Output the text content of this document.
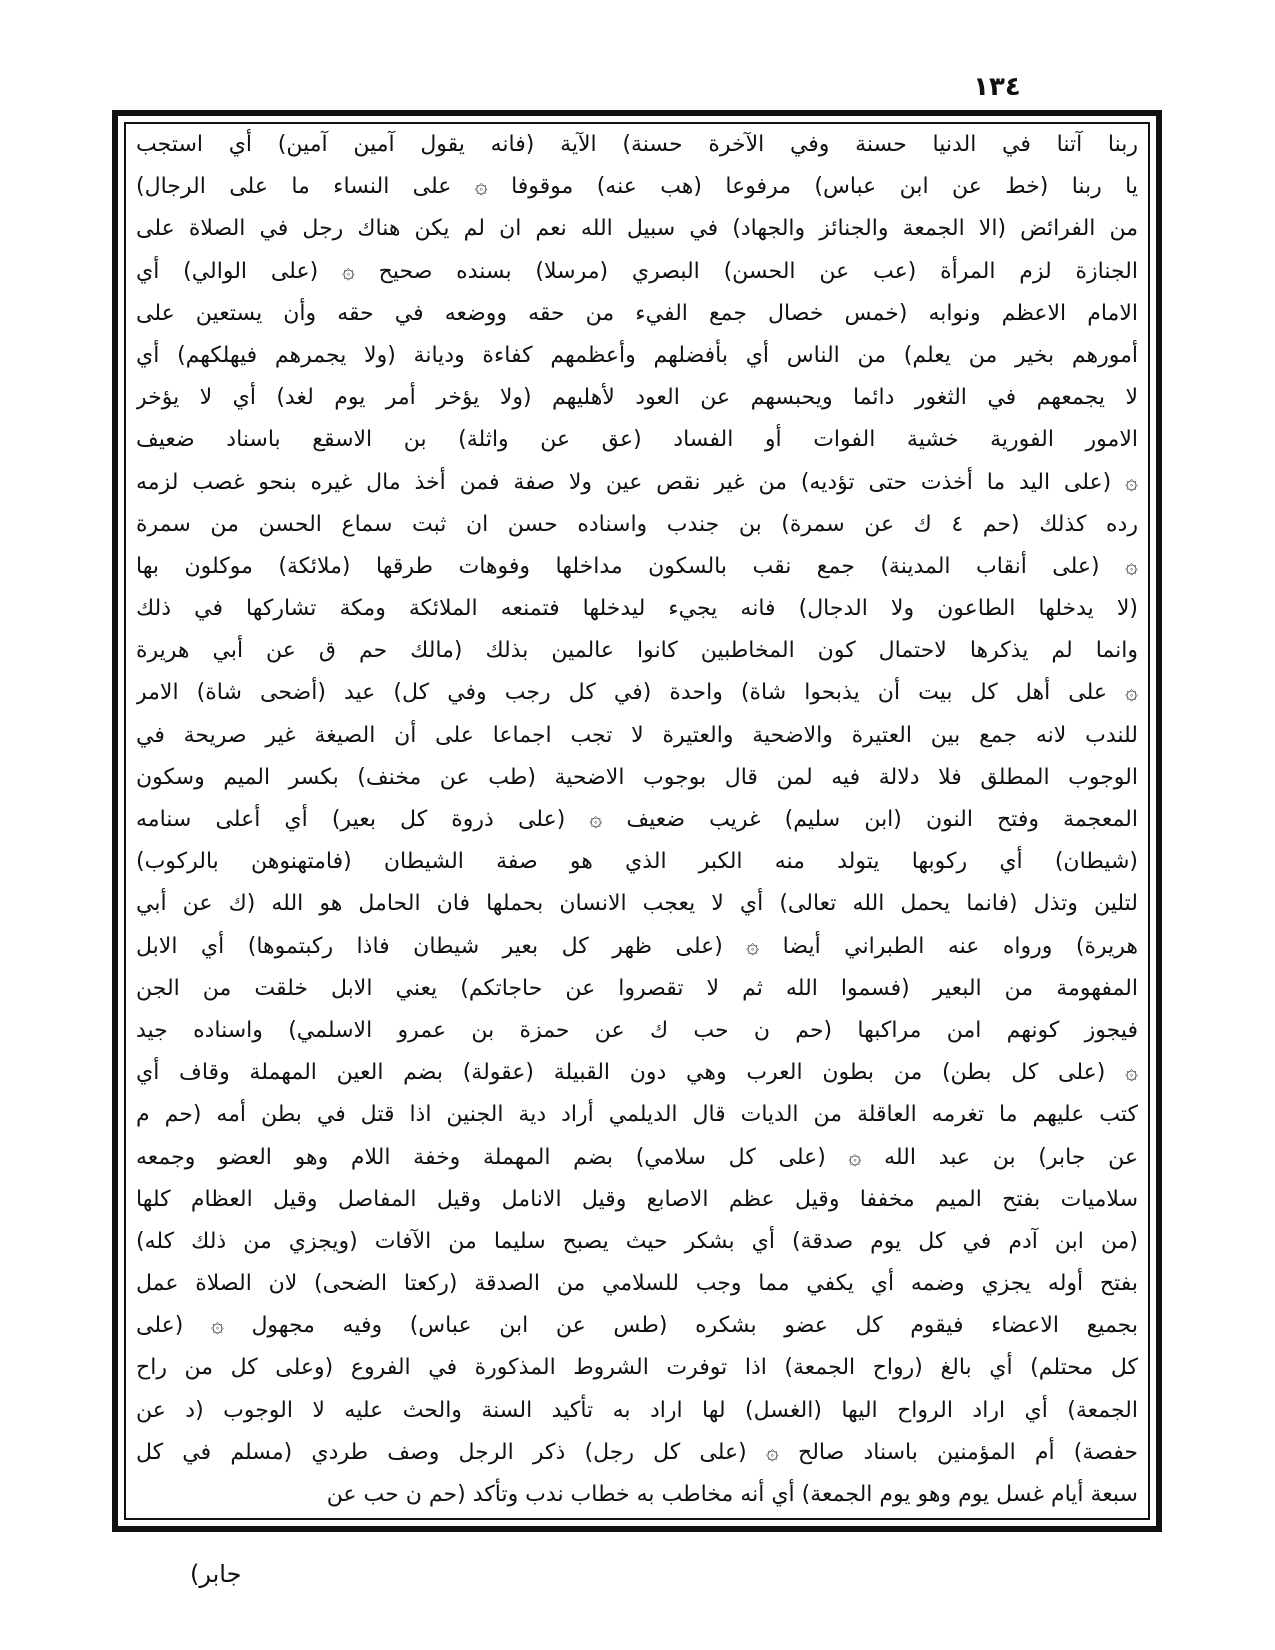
١٣٤
ربنا آتنا في الدنيا حسنة وفي الآخرة حسنة) الآية (فانه يقول آمين آمين) أي استجب
يا ربنا (خط عن ابن عباس) مرفوعا (هب عنه) موقوفا ۞ على النساء ما على الرجال)
من الفرائض (الا الجمعة والجنائز والجهاد) في سبيل الله نعم ان لم يكن هناك رجل في الصلاة على
الجنازة لزم المرأة (عب عن الحسن) البصري (مرسلا) بسنده صحيح ۞ (على الوالي) أي
الامام الاعظم ونوابه (خمس خصال جمع الفيء من حقه ووضعه في حقه وأن يستعين على
أمورهم بخير من يعلم) من الناس أي بأفضلهم وأعظمهم كفاءة وديانة (ولا يجمرهم فيهلكهم) أي
لا يجمعهم في الثغور دائما ويحبسهم عن العود لأهليهم (ولا يؤخر أمر يوم لغد) أي لا يؤخر
الامور الفورية خشية الفوات أو الفساد (عق عن واثلة) بن الاسقع باسناد ضعيف
۞ (على اليد ما أخذت حتى تؤديه) من غير نقص عين ولا صفة فمن أخذ مال غيره بنحو غصب لزمه
رده كذلك (حم ٤ ك عن سمرة) بن جندب واسناده حسن ان ثبت سماع الحسن من سمرة
۞ (على أنقاب المدينة) جمع نقب بالسكون مداخلها وفوهات طرقها (ملائكة) موكلون بها
(لا يدخلها الطاعون ولا الدجال) فانه يجيء ليدخلها فتمنعه الملائكة ومكة تشاركها في ذلك
وانما لم يذكرها لاحتمال كون المخاطبين كانوا عالمين بذلك (مالك حم ق عن أبي هريرة
۞ على أهل كل بيت أن يذبحوا شاة) واحدة (في كل رجب وفي كل) عيد (أضحى شاة) الامر
للندب لانه جمع بين العتيرة والاضحية والعتيرة لا تجب اجماعا على أن الصيغة غير صريحة في
الوجوب المطلق فلا دلالة فيه لمن قال بوجوب الاضحية (طب عن مخنف) بكسر الميم وسكون
المعجمة وفتح النون (ابن سليم) غريب ضعيف ۞ (على ذروة كل بعير) أي أعلى سنامه
(شيطان) أي ركوبها يتولد منه الكبر الذي هو صفة الشيطان (فامتهنوهن بالركوب)
لتلين وتذل (فانما يحمل الله تعالى) أي لا يعجب الانسان بحملها فان الحامل هو الله (ك عن أبي
هريرة) ورواه عنه الطبراني أيضا ۞ (على ظهر كل بعير شيطان فاذا ركبتموها) أي الابل
المفهومة من البعير (فسموا الله ثم لا تقصروا عن حاجاتكم) يعني الابل خلقت من الجن
فيجوز كونهم امن مراكبها (حم ن حب ك عن حمزة بن عمرو الاسلمي) واسناده جيد
۞ (على كل بطن) من بطون العرب وهي دون القبيلة (عقولة) بضم العين المهملة وقاف أي
كتب عليهم ما تغرمه العاقلة من الديات قال الديلمي أراد دية الجنين اذا قتل في بطن أمه (حم م
عن جابر) بن عبد الله ۞ (على كل سلامي) بضم المهملة وخفة اللام وهو العضو وجمعه
سلاميات بفتح الميم مخففا وقيل عظم الاصابع وقيل الانامل وقيل المفاصل وقيل العظام كلها
(من ابن آدم في كل يوم صدقة) أي بشكر حيث يصبح سليما من الآفات (ويجزي من ذلك كله)
بفتح أوله يجزي وضمه أي يكفي مما وجب للسلامي من الصدقة (ركعتا الضحى) لان الصلاة عمل
بجميع الاعضاء فيقوم كل عضو بشكره (طس عن ابن عباس) وفيه مجهول ۞ (على
كل محتلم) أي بالغ (رواح الجمعة) اذا توفرت الشروط المذكورة في الفروع (وعلى كل من راح
الجمعة) أي اراد الرواح اليها (الغسل) لها اراد به تأكيد السنة والحث عليه لا الوجوب (د عن
حفصة) أم المؤمنين باسناد صالح ۞ (على كل رجل) ذكر الرجل وصف طردي (مسلم في كل
سبعة أيام غسل يوم وهو يوم الجمعة) أي أنه مخاطب به خطاب ندب وتأكد (حم ن حب عن
جابر)
